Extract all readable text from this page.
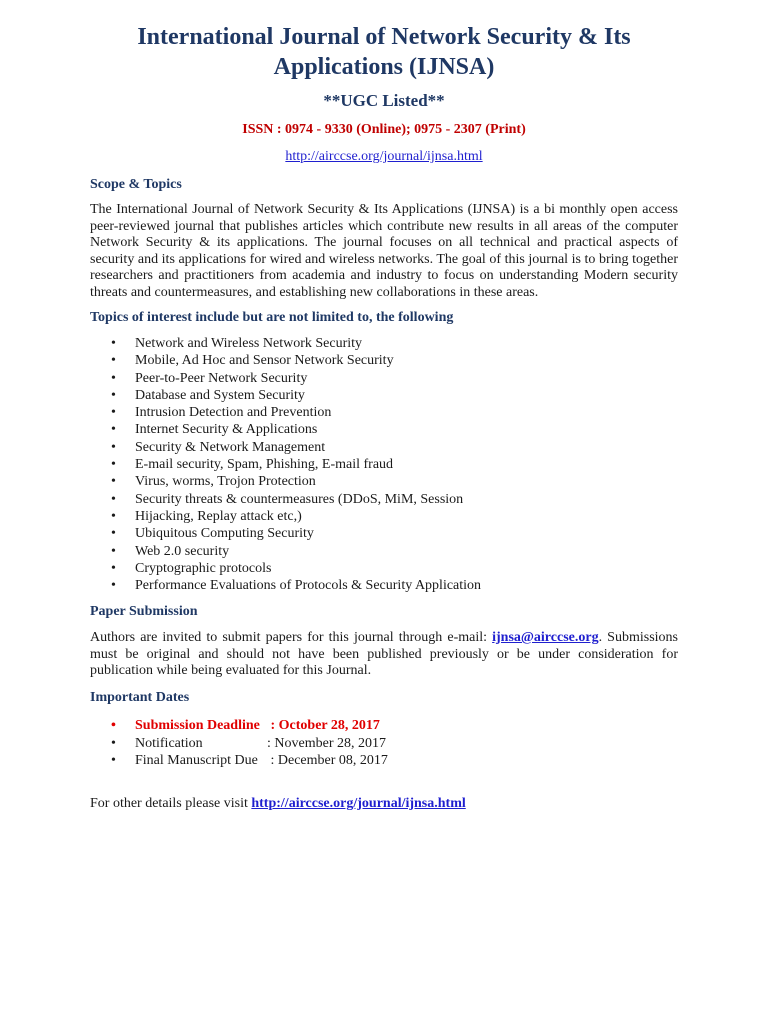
International Journal of Network Security & Its
Applications (IJNSA)
**UGC Listed**
ISSN : 0974 - 9330 (Online); 0975 - 2307 (Print)
http://airccse.org/journal/ijnsa.html
Scope & Topics
The International Journal of Network Security & Its Applications (IJNSA) is a bi monthly open access peer-reviewed journal that publishes articles which contribute new results in all areas of the computer Network Security & its applications. The journal focuses on all technical and practical aspects of security and its applications for wired and wireless networks. The goal of this journal is to bring together researchers and practitioners from academia and industry to focus on understanding Modern security threats and countermeasures, and establishing new collaborations in these areas.
Topics of interest include but are not limited to, the following
• Network and Wireless Network Security
• Mobile, Ad Hoc and Sensor Network Security
• Peer-to-Peer Network Security
• Database and System Security
• Intrusion Detection and Prevention
• Internet Security & Applications
• Security & Network Management
• E-mail security, Spam, Phishing, E-mail fraud
• Virus, worms, Trojon Protection
• Security threats & countermeasures (DDoS, MiM, Session
• Hijacking, Replay attack etc,)
• Ubiquitous Computing Security
• Web 2.0 security
• Cryptographic protocols
• Performance Evaluations of Protocols & Security Application
Paper Submission
Authors are invited to submit papers for this journal through e-mail: ijnsa@airccse.org. Submissions must be original and should not have been published previously or be under consideration for publication while being evaluated for this Journal.
Important Dates
• Submission Deadline : October 28, 2017
• Notification	: November 28, 2017
• Final Manuscript Due : December 08, 2017
For other details please visit http://airccse.org/journal/ijnsa.html
